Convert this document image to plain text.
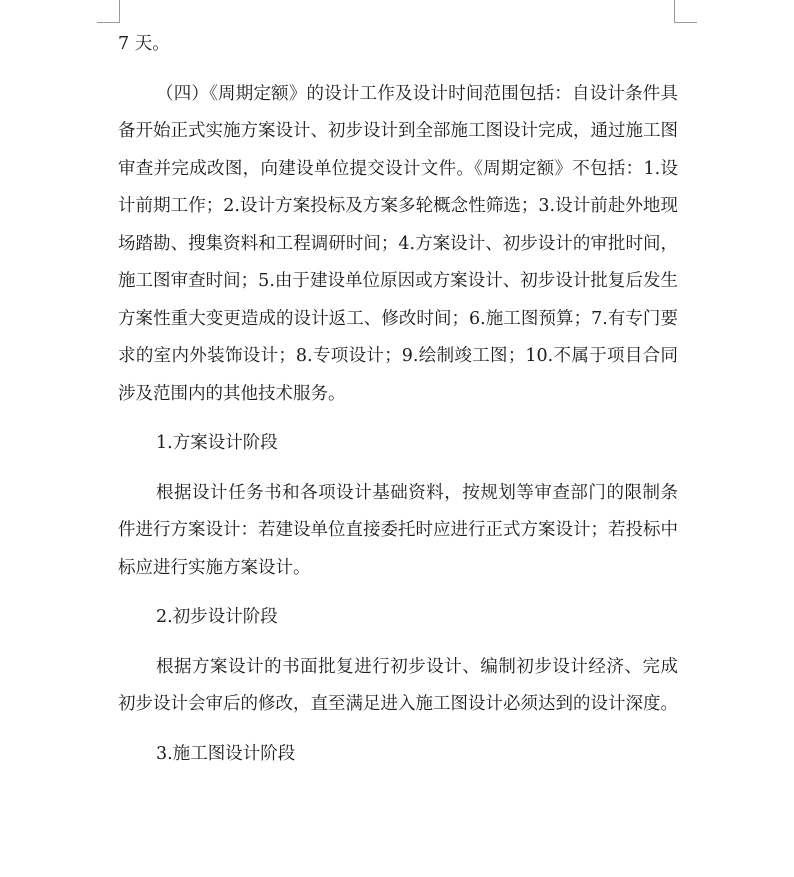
7 天。

（四）《周期定额》的设计工作及设计时间范围包括：自设计条件具备开始正式实施方案设计、初步设计到全部施工图设计完成，通过施工图审查并完成改图，向建设单位提交设计文件。《周期定额》不包括：1.设计前期工作；2.设计方案投标及方案多轮概念性筛选；3.设计前赴外地现场踏勘、搜集资料和工程调研时间；4.方案设计、初步设计的审批时间，施工图审查时间；5.由于建设单位原因或方案设计、初步设计批复后发生方案性重大变更造成的设计返工、修改时间；6.施工图预算；7.有专门要求的室内外装饰设计；8.专项设计；9.绘制竣工图；10.不属于项目合同涉及范围内的其他技术服务。

1.方案设计阶段

根据设计任务书和各项设计基础资料，按规划等审查部门的限制条件进行方案设计：若建设单位直接委托时应进行正式方案设计；若投标中标应进行实施方案设计。

2.初步设计阶段

根据方案设计的书面批复进行初步设计、编制初步设计经济、完成初步设计会审后的修改，直至满足进入施工图设计必须达到的设计深度。

3.施工图设计阶段
